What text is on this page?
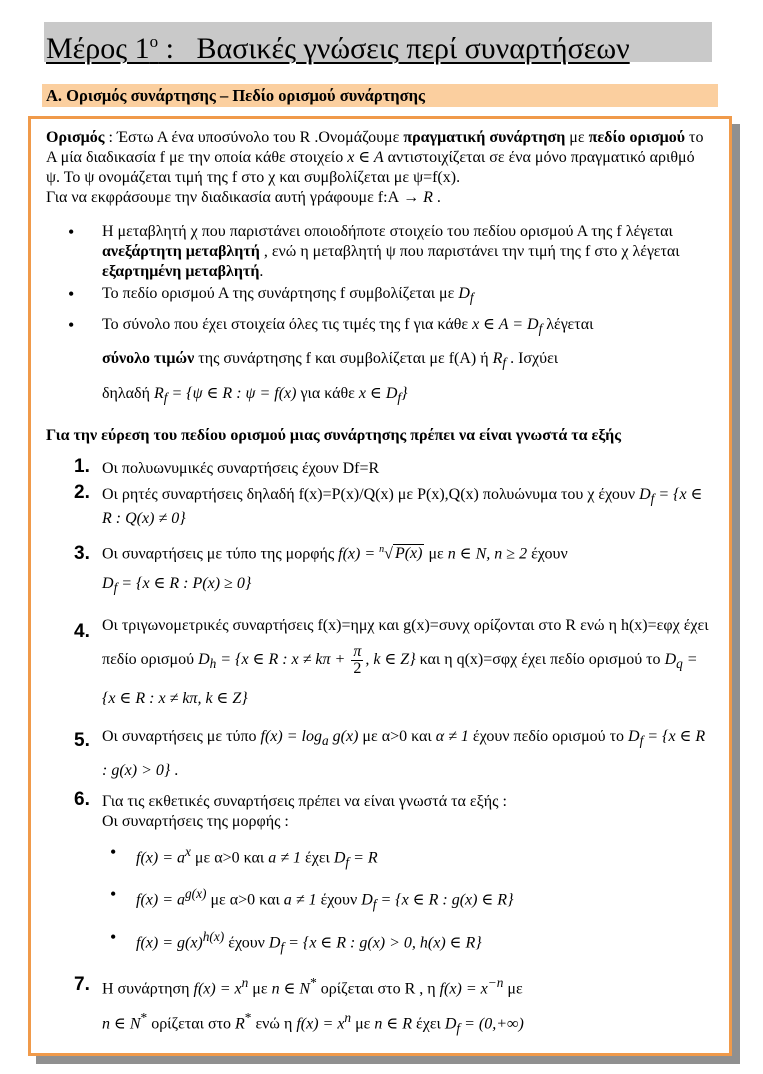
Μέρος $1^o$ :   Βασικές γνώσεις περί συναρτήσεων
Α. Ορισμός συνάρτησης – Πεδίο ορισμού συνάρτησης

Ορισμός : Έστω Α ένα υποσύνολο του R .Ονομάζουμε πραγματική συνάρτηση με πεδίο ορισμού το Α μία διαδικασία f με την οποία κάθε στοιχείο x ∈ A αντιστοιχίζεται σε ένα μόνο πραγματικό αριθμό ψ. Το ψ ονομάζεται τιμή της f στο χ και συμβολίζεται με ψ=f(x).

Για να εκφράσουμε την διαδικασία αυτή γράφουμε f:A → R .

• Η μεταβλητή χ που παριστάνει οποιοδήποτε στοιχείο του πεδίου ορισμού Α της f λέγεται ανεξάρτητη μεταβλητή , ενώ η μεταβλητή ψ που παριστάνει την τιμή της f στο χ λέγεται εξαρτημένη μεταβλητή.
• Το πεδίο ορισμού Α της συνάρτησης f συμβολίζεται με $D_f$
• Το σύνολο που έχει στοιχεία όλες τις τιμές της f για κάθε x ∈ $A = D_f$ λέγεται
σύνολο τιμών της συνάρτησης f και συμβολίζεται με f(A) ή $R_f$ . Ισχύει
δηλαδή $R_f = \{\psi$ ∈ R : ψ = f(x) για κάθε x ∈ $D_f$}

Για την εύρεση του πεδίου ορισμού μιας συνάρτησης πρέπει να είναι γνωστά τα εξής

1. Οι πολυωνυμικές συναρτήσεις έχουν Df=R
2. Οι ρητές συναρτήσεις δηλαδή f(x)=P(x)/Q(x) με P(x),Q(x) πολυώνυμα του χ έχουν $D_f = \{x$ ∈ R : Q(x) ≠ 0}
3. Οι συναρτήσεις με τύπο της μορφής f(x) = $^n$√ P(x) με n ∈ N, n ≥ 2 έχουν
$D_f = \{x$ ∈ R : P(x) ≥ 0}
4. Οι τριγωνομετρικές συναρτήσεις f(x)=ημχ και g(x)=συνχ ορίζονται στο R ενώ η h(x)=εφχ έχει πεδίο ορισμού $D_h = \{x$ ∈ R : $x \ne k\pi + \frac{\pi}{2}$ , k ∈ Z} και η q(x)=σφχ έχει πεδίο ορισμού το $D_q = \{x$ ∈ R : x ≠ kπ, k ∈ Z}
5. Οι συναρτήσεις με τύπο $f(x) = \log_a g(x)$ με α>0 και α ≠ 1 έχουν πεδίο ορισμού το $D_f = \{x$ ∈ R : g(x) > 0} .
6. Για τις εκθετικές συναρτήσεις πρέπει να είναι γνωστά τα εξής :
Οι συναρτήσεις της μορφής :
• $f(x) = a^x$ με α>0 και a ≠ 1 έχει $D_f = R$
• $f(x) = a^{g(x)}$ με α>0 και a ≠ 1 έχουν $D_f = \{x$ ∈ R : g(x) ∈ R}
• $f(x) = g(x)^{h(x)}$ έχουν $D_f = \{x$ ∈ R : g(x) > 0, h(x) ∈ R}
7. Η συνάρτηση $f(x) = x^n$ με n ∈ N* ορίζεται στο R , η $f(x) = x^{-n}$ με
n ∈ N* ορίζεται στο R* ενώ η $f(x) = x^n$ με n ∈ R έχει $D_f = (0,+\infty)$
